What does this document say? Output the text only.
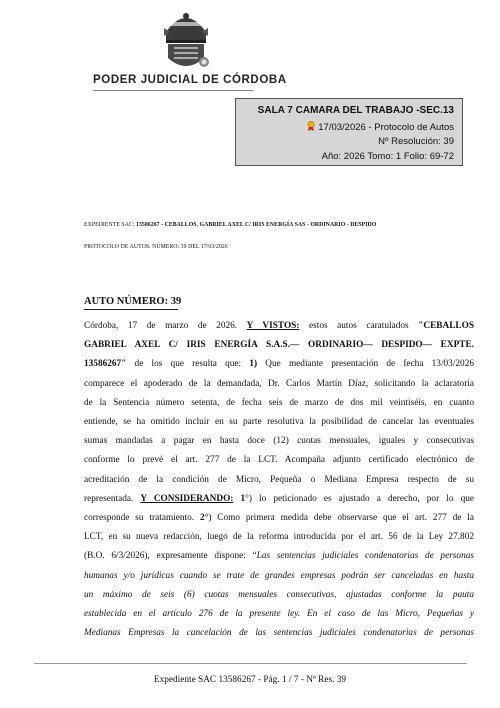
PODER JUDICIAL DE CÓRDOBA
SALA 7 CAMARA DEL TRABAJO -SEC.13
17/03/2026 - Protocolo de Autos
Nº Resolución: 39
Año: 2026 Tomo: 1 Folio: 69-72
EXPEDIENTE SAC: 13586267 - CEBALLOS, GABRIEL AXEL C/ IRIS ENERGÍA SAS - ORDINARIO - DESPIDO
PROTOCOLO DE AUTOS. NÚMERO: 39 DEL 17/03/2026
AUTO NÚMERO: 39
Córdoba, 17 de marzo de 2026. Y VISTOS: estos autos caratulados "CEBALLOS
GABRIEL AXEL C/ IRIS ENERGÍA S.A.S.— ORDINARIO— DESPIDO— EXPTE.
13586267" de los que resulta que: 1) Que mediante presentación de fecha 13/03/2026
comparece el apoderado de la demandada, Dr. Carlos Martín Díaz, solicitando la aclaratoria
de la Sentencia número setenta, de fecha seis de marzo de dos mil veintiséis, en cuanto
entiende, se ha omitido incluir en su parte resolutiva la posibilidad de cancelar las eventuales
sumas mandadas a pagar en hasta doce (12) cuotas mensuales, iguales y consecutivas
conforme lo prevé el art. 277 de la LCT. Acompaña adjunto certificado electrónico de
acreditación de la condición de Micro, Pequeña o Mediana Empresa respecto de su
representada. Y CONSIDERANDO: 1°) lo peticionado es ajustado a derecho, por lo que
corresponde su tratamiento. 2°) Como primera medida debe observarse que el art. 277 de la
LCT, en su nueva redacción, luego de la reforma introducida por el art. 56 de la Ley 27.802
(B.O. 6/3/2026), expresamente dispone: “Las sentencias judiciales condenatorias de personas
humanas y/o jurídicas cuando se trate de grandes empresas podrán ser canceladas en hasta
un máximo de seis (6) cuotas mensuales consecutivas, ajustadas conforme la pauta
establecida en el artículo 276 de la presente ley. En el caso de las Micro, Pequeñas y
Medianas Empresas la cancelación de las sentencias judiciales condenatorias de personas
Expediente SAC 13586267 - Pág. 1 / 7 - Nº Res. 39
